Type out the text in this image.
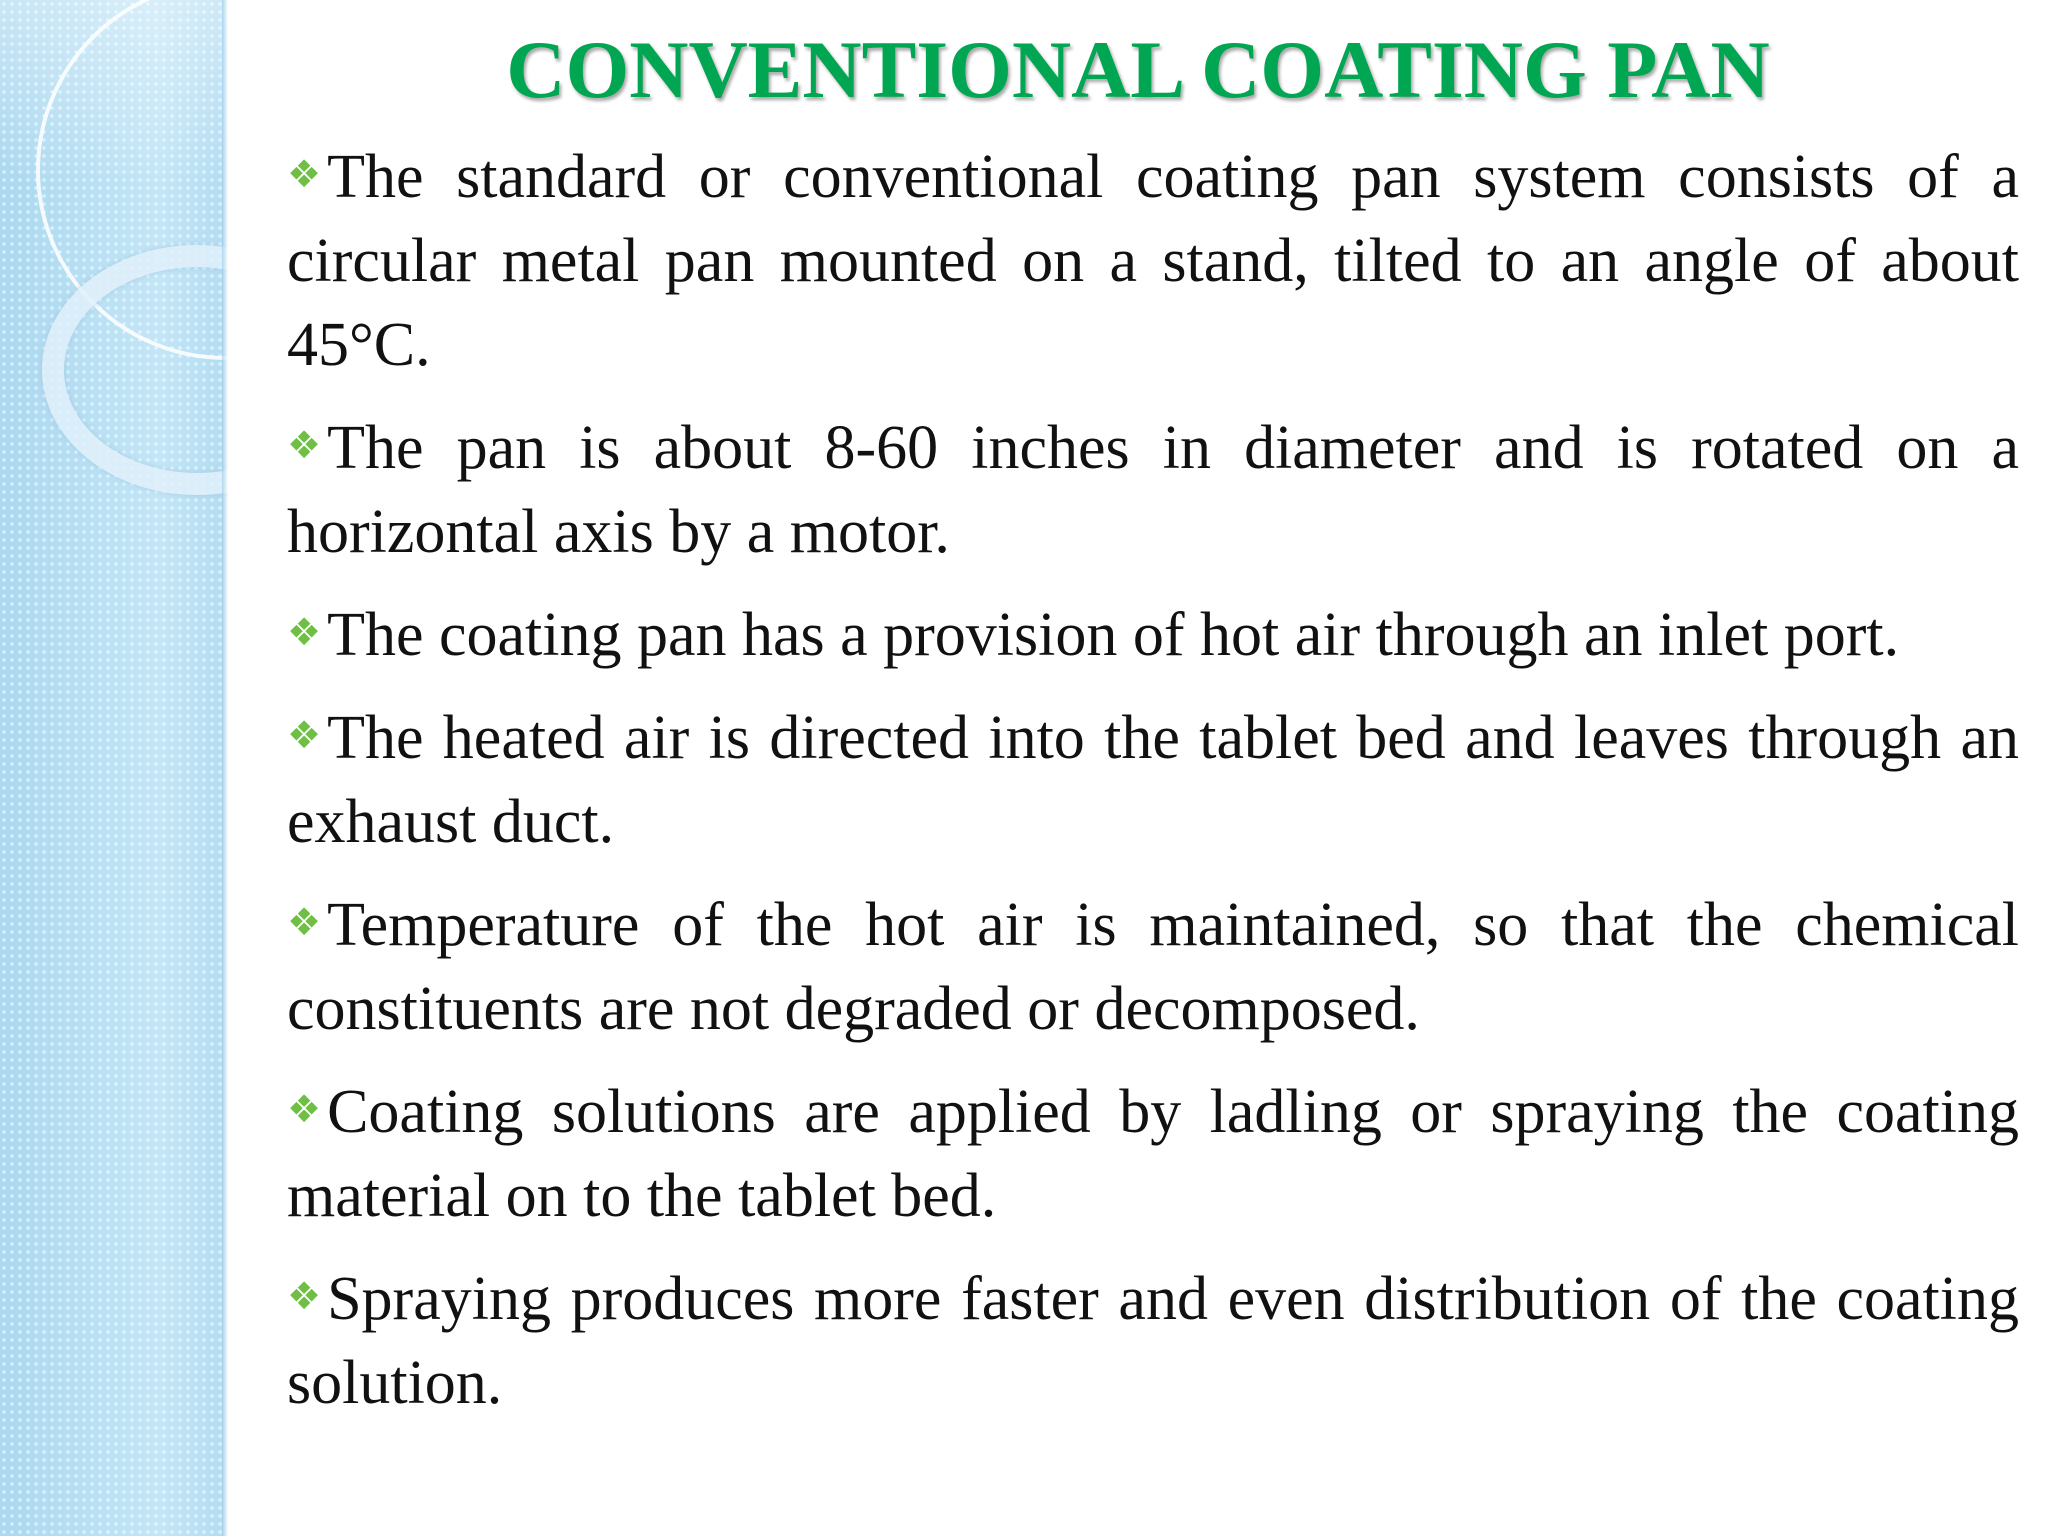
CONVENTIONAL COATING PAN

❖The standard or conventional coating pan system consists of a circular metal pan mounted on a stand, tilted to an angle of about 45°C.

❖The pan is about 8-60 inches in diameter and is rotated on a horizontal axis by a motor.

❖The coating pan has a provision of hot air through an inlet port.

❖The heated air is directed into the tablet bed and leaves through an exhaust duct.

❖Temperature of the hot air is maintained, so that the chemical constituents are not degraded or decomposed.

❖Coating solutions are applied by ladling or spraying the coating material on to the tablet bed.

❖Spraying produces more faster and even distribution of the coating solution.
